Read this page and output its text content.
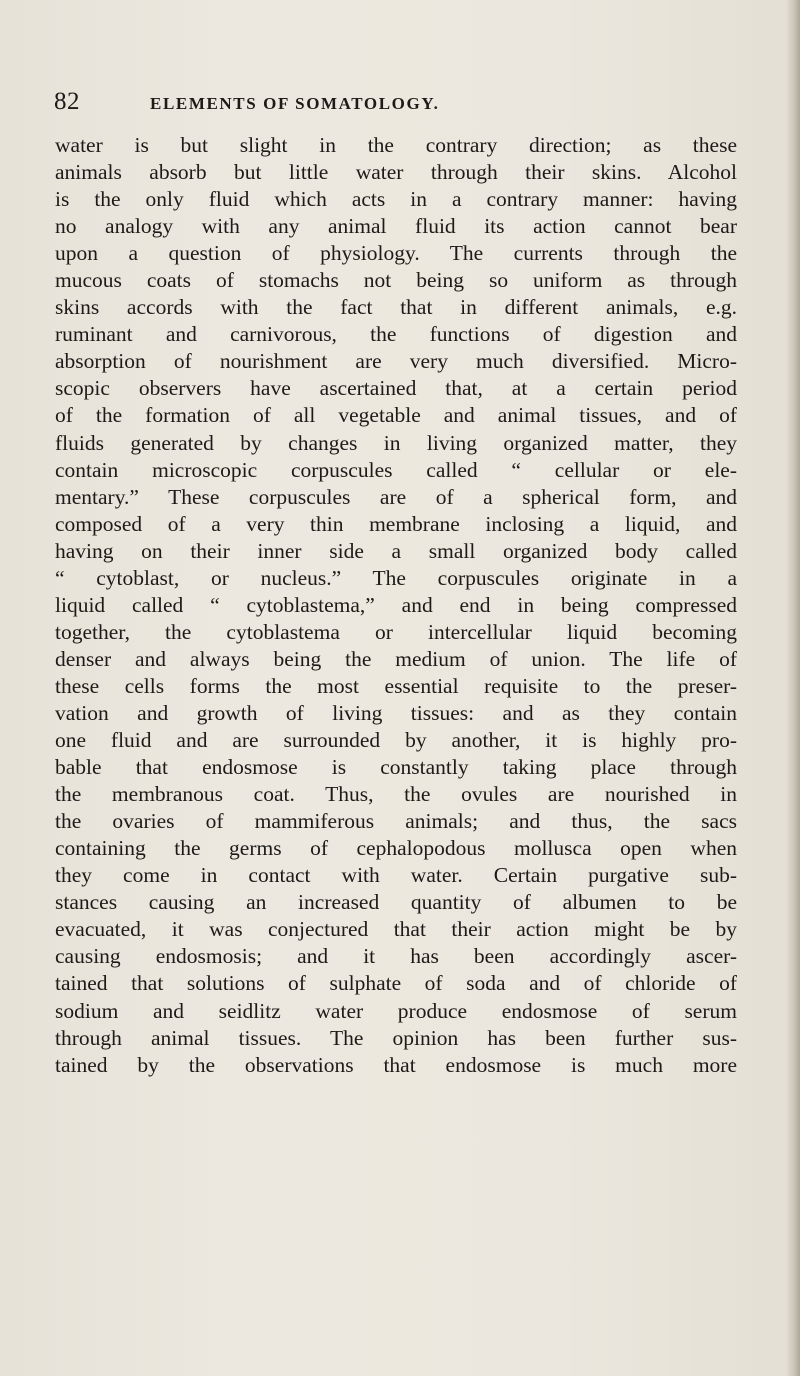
82	ELEMENTS OF SOMATOLOGY.
water is but slight in the contrary direction; as these
animals absorb but little water through their skins. Alcohol
is the only fluid which acts in a contrary manner: having
no analogy with any animal fluid its action cannot bear
upon a question of physiology. The currents through the
mucous coats of stomachs not being so uniform as through
skins accords with the fact that in different animals, e.g.
ruminant and carnivorous, the functions of digestion and
absorption of nourishment are very much diversified. Micro-
scopic observers have ascertained that, at a certain period
of the formation of all vegetable and animal tissues, and of
fluids generated by changes in living organized matter, they
contain microscopic corpuscules called “ cellular or ele-
mentary.” These corpuscules are of a spherical form, and
composed of a very thin membrane inclosing a liquid, and
having on their inner side a small organized body called
“ cytoblast, or nucleus.” The corpuscules originate in a
liquid called “ cytoblastema,” and end in being compressed
together, the cytoblastema or intercellular liquid becoming
denser and always being the medium of union. The life of
these cells forms the most essential requisite to the preser-
vation and growth of living tissues: and as they contain
one fluid and are surrounded by another, it is highly pro-
bable that endosmose is constantly taking place through
the membranous coat. Thus, the ovules are nourished in
the ovaries of mammiferous animals; and thus, the sacs
containing the germs of cephalopodous mollusca open when
they come in contact with water. Certain purgative sub-
stances causing an increased quantity of albumen to be
evacuated, it was conjectured that their action might be by
causing endosmosis; and it has been accordingly ascer-
tained that solutions of sulphate of soda and of chloride of
sodium and seidlitz water produce endosmose of serum
through animal tissues. The opinion has been further sus-
tained by the observations that endosmose is much more
